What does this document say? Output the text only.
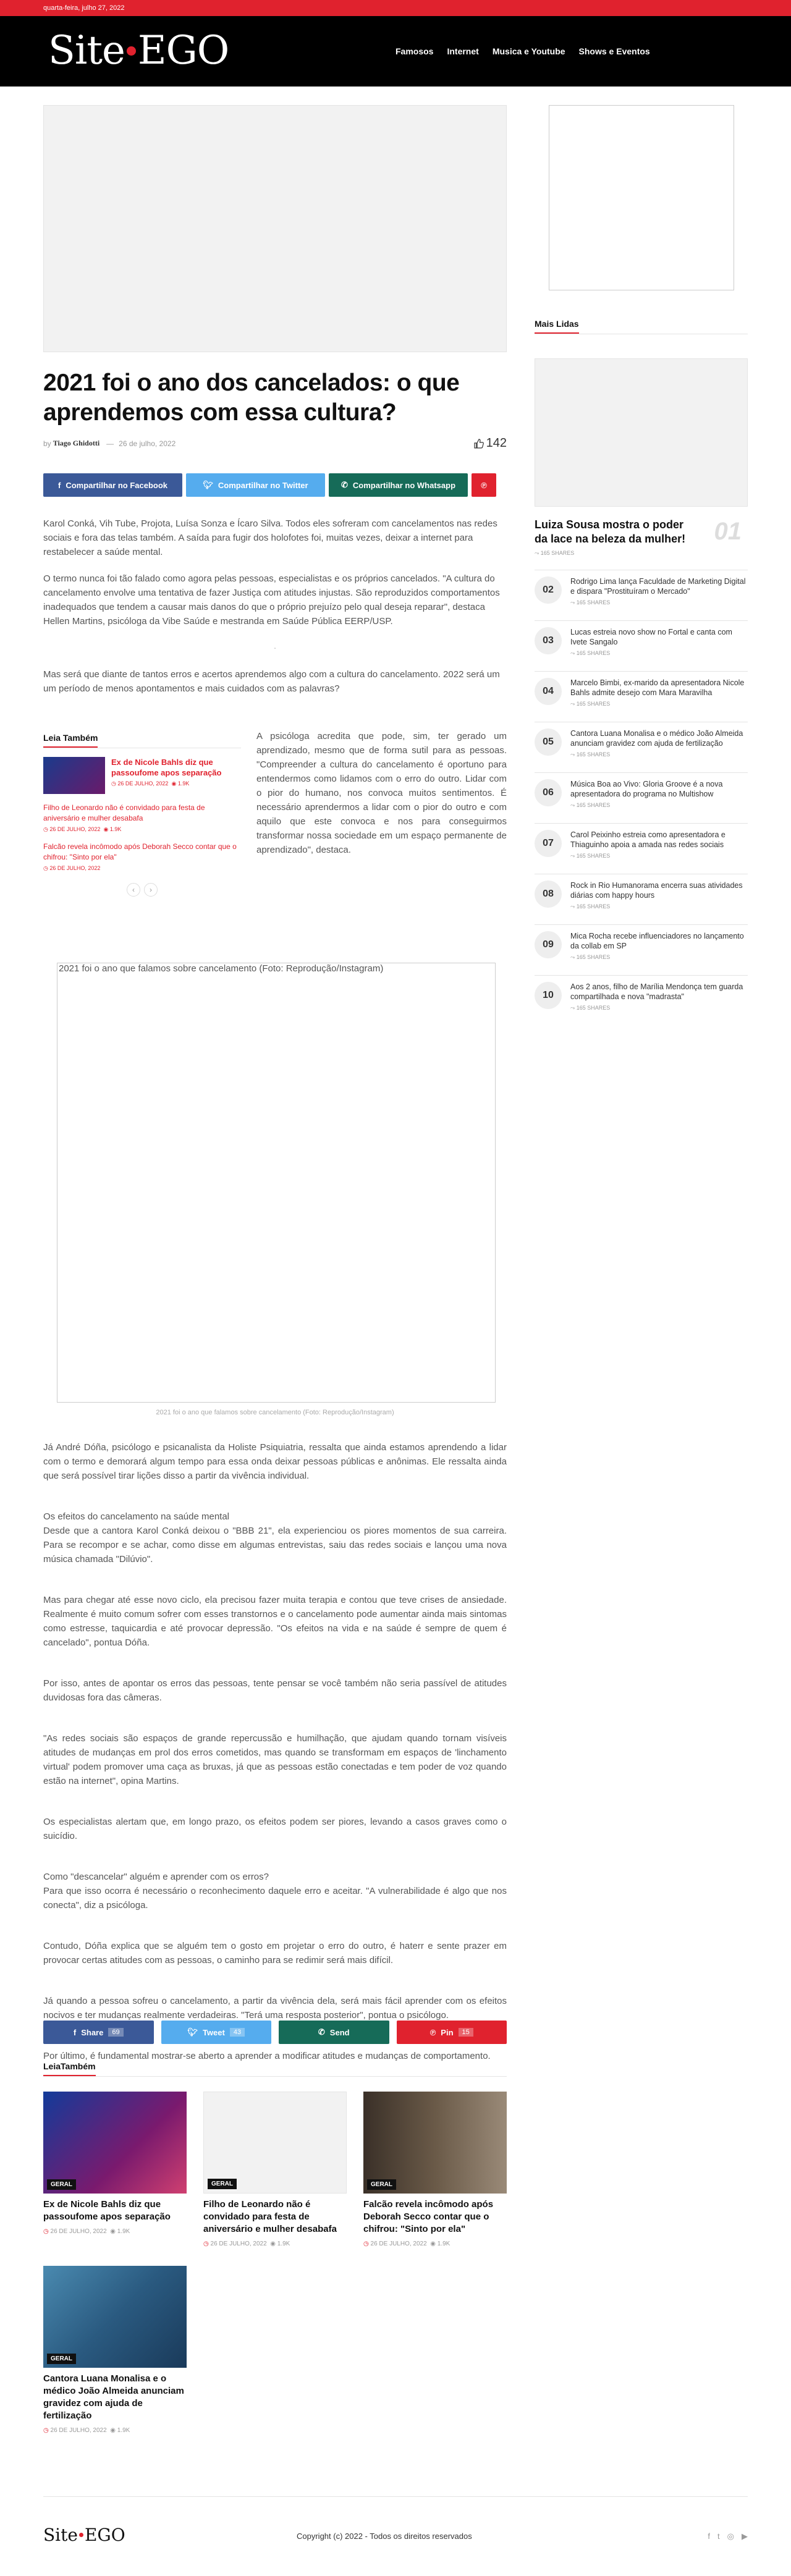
quarta-feira, julho 27, 2022
Site EGO	Famosos Internet Musica e Youtube Shows e Eventos
2021 foi o ano dos cancelados: o que aprendemos com essa cultura?
by Tiago Ghidotti — 26 de julho, 2022	142
f Compartilhar no Facebook	🐦︎ Compartilhar no Twitter	✆ Compartilhar no Whatsapp	℗

Karol Conká, Vih Tube, Projota, Luísa Sonza e Ícaro Silva. Todos eles sofreram com cancelamentos nas redes sociais e fora das telas também. A saída para fugir dos holofotes foi, muitas vezes, deixar a internet para restabelecer a saúde mental.

O termo nunca foi tão falado como agora pelas pessoas, especialistas e os próprios cancelados. "A cultura do cancelamento envolve uma tentativa de fazer Justiça com atitudes injustas. São reproduzidos comportamentos inadequados que tendem a causar mais danos do que o próprio prejuízo pelo qual deseja reparar", destaca Hellen Martins, psicóloga da Vibe Saúde e mestranda em Saúde Pública EERP/USP.

·

Mas será que diante de tantos erros e acertos aprendemos algo com a cultura do cancelamento. 2022 será um um período de menos apontamentos e mais cuidados com as palavras?

Leia Também
Ex de Nicole Bahls diz que passoufome apos separação
◷ 26 DE JULHO, 2022 ◉ 1.9K
Filho de Leonardo não é convidado para festa de aniversário e mulher desabafa
◷ 26 DE JULHO, 2022 ◉ 1.9K
Falcão revela incômodo após Deborah Secco contar que o chifrou: "Sinto por ela"
◷ 26 DE JULHO, 2022
‹	›
A psicóloga acredita que pode, sim, ter gerado um aprendizado, mesmo que de forma sutil para as pessoas. "Compreender a cultura do cancelamento é oportuno para entendermos como lidamos com o erro do outro. Lidar com o pior do humano, nos convoca muitos sentimentos. É necessário aprendermos a lidar com o pior do outro e com aquilo que este convoca e nos para conseguirmos transformar nossa sociedade em um espaço permanente de aprendizado", destaca.
2021 foi o ano que falamos sobre cancelamento (Foto: Reprodução/Instagram)
2021 foi o ano que falamos sobre cancelamento (Foto: Reprodução/Instagram)

Já André Dóña, psicólogo e psicanalista da Holiste Psiquiatria, ressalta que ainda estamos aprendendo a lidar com o termo e demorará algum tempo para essa onda deixar pessoas públicas e anônimas. Ele ressalta ainda que será possível tirar lições disso a partir da vivência individual.

Os efeitos do cancelamento na saúde mental
Desde que a cantora Karol Conká deixou o "BBB 21", ela experienciou os piores momentos de sua carreira. Para se recompor e se achar, como disse em algumas entrevistas, saiu das redes sociais e lançou uma nova música chamada "Dilúvio".

Mas para chegar até esse novo ciclo, ela precisou fazer muita terapia e contou que teve crises de ansiedade. Realmente é muito comum sofrer com esses transtornos e o cancelamento pode aumentar ainda mais sintomas como estresse, taquicardia e até provocar depressão. "Os efeitos na vida e na saúde é sempre de quem é cancelado", pontua Dóña.

Por isso, antes de apontar os erros das pessoas, tente pensar se você também não seria passível de atitudes duvidosas fora das câmeras.

"As redes sociais são espaços de grande repercussão e humilhação, que ajudam quando tornam visíveis atitudes de mudanças em prol dos erros cometidos, mas quando se transformam em espaços de 'linchamento virtual' podem promover uma caça as bruxas, já que as pessoas estão conectadas e tem poder de voz quando estão na internet", opina Martins.

Os especialistas alertam que, em longo prazo, os efeitos podem ser piores, levando a casos graves como o suicídio.

Como "descancelar" alguém e aprender com os erros?
Para que isso ocorra é necessário o reconhecimento daquele erro e aceitar. "A vulnerabilidade é algo que nos conecta", diz a psicóloga.

Contudo, Dóña explica que se alguém tem o gosto em projetar o erro do outro, é haterr e sente prazer em provocar certas atitudes com as pessoas, o caminho para se redimir será mais difícil.

Já quando a pessoa sofreu o cancelamento, a partir da vivência dela, será mais fácil aprender com os efeitos nocivos e ter mudanças realmente verdadeiras. "Terá uma resposta posterior", pontua o psicólogo.

Por último, é fundamental mostrar-se aberto a aprender a modificar atitudes e mudanças de comportamento.

f Share	69	🐦︎ Tweet	43	✆ Send	℗ Pin	15
LeiaTambém
GERAL
Ex de Nicole Bahls diz que passoufome apos separação
◷ 26 DE JULHO, 2022 ◉ 1.9K
GERAL
Filho de Leonardo não é convidado para festa de aniversário e mulher desabafa
◷ 26 DE JULHO, 2022 ◉ 1.9K
GERAL
Falcão revela incômodo após Deborah Secco contar que o chifrou: "Sinto por ela"
◷ 26 DE JULHO, 2022 ◉ 1.9K
GERAL
Cantora Luana Monalisa e o médico João Almeida anunciam gravidez com ajuda de fertilização
◷ 26 DE JULHO, 2022 ◉ 1.9K
Mais Lidas
Luiza Sousa mostra o poder da lace na beleza da mulher!	01
⤳ 165 SHARES
02
Rodrigo Lima lança Faculdade de Marketing Digital e dispara "Prostituíram o Mercado"
⤳ 165 SHARES
03
Lucas estreia novo show no Fortal e canta com Ivete Sangalo
⤳ 165 SHARES
04
Marcelo Bimbi, ex-marido da apresentadora Nicole Bahls admite desejo com Mara Maravilha
⤳ 165 SHARES
05
Cantora Luana Monalisa e o médico João Almeida anunciam gravidez com ajuda de fertilização
⤳ 165 SHARES
06
Música Boa ao Vivo: Gloria Groove é a nova apresentadora do programa no Multishow
⤳ 165 SHARES
07
Carol Peixinho estreia como apresentadora e Thiaguinho apoia a amada nas redes sociais
⤳ 165 SHARES
08
Rock in Rio Humanorama encerra suas atividades diárias com happy hours
⤳ 165 SHARES
09
Mica Rocha recebe influenciadores no lançamento da collab em SP
⤳ 165 SHARES
10
Aos 2 anos, filho de Marília Mendonça tem guarda compartilhada e nova "madrasta"
⤳ 165 SHARES
Site EGO	Copyright (c) 2022 - Todos os direitos reservados	f t ◎ ▶
